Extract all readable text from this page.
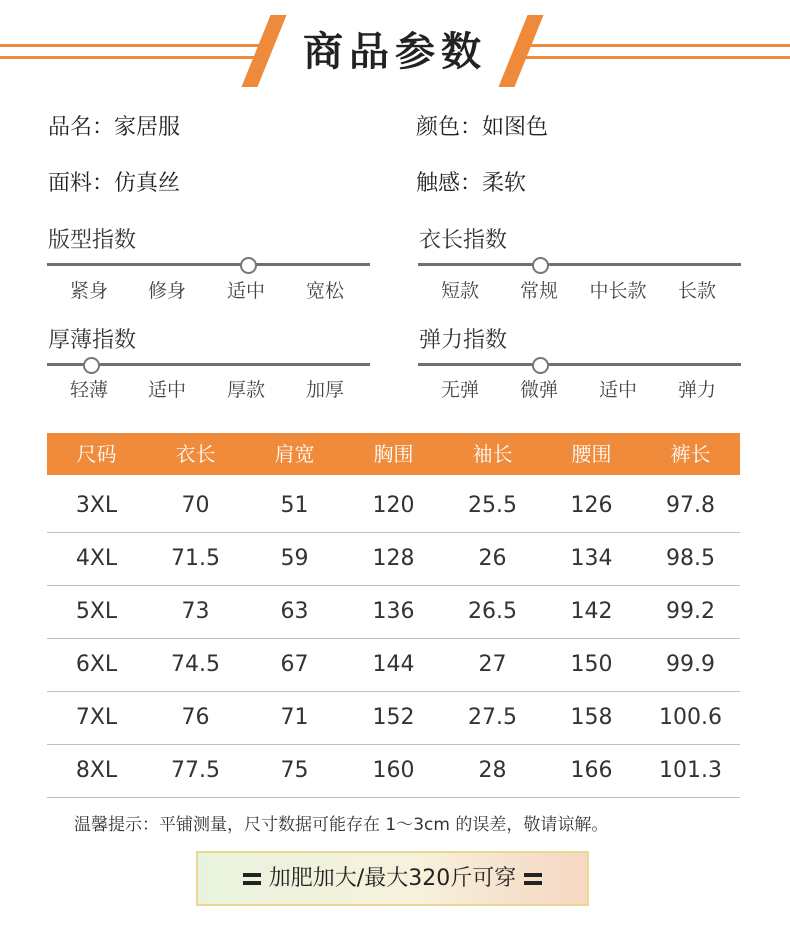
商品参数
品名：家居服	颜色：如图色
面料：仿真丝	触感：柔软
版型指数
紧身	修身	适中	宽松
衣长指数
短款	常规	中长款	长款
厚薄指数
轻薄	适中	厚款	加厚
弹力指数
无弹	微弹	适中	弹力
尺码	衣长	肩宽	胸围	袖长	腰围	裤长
3XL	70	51	120	25.5	126	97.8
4XL	71.5	59	128	26	134	98.5
5XL	73	63	136	26.5	142	99.2
6XL	74.5	67	144	27	150	99.9
7XL	76	71	152	27.5	158	100.6
8XL	77.5	75	160	28	166	101.3
温馨提示：平铺测量，尺寸数据可能存在 1～3cm 的误差，敬请谅解。
加肥加大/最大320斤可穿
